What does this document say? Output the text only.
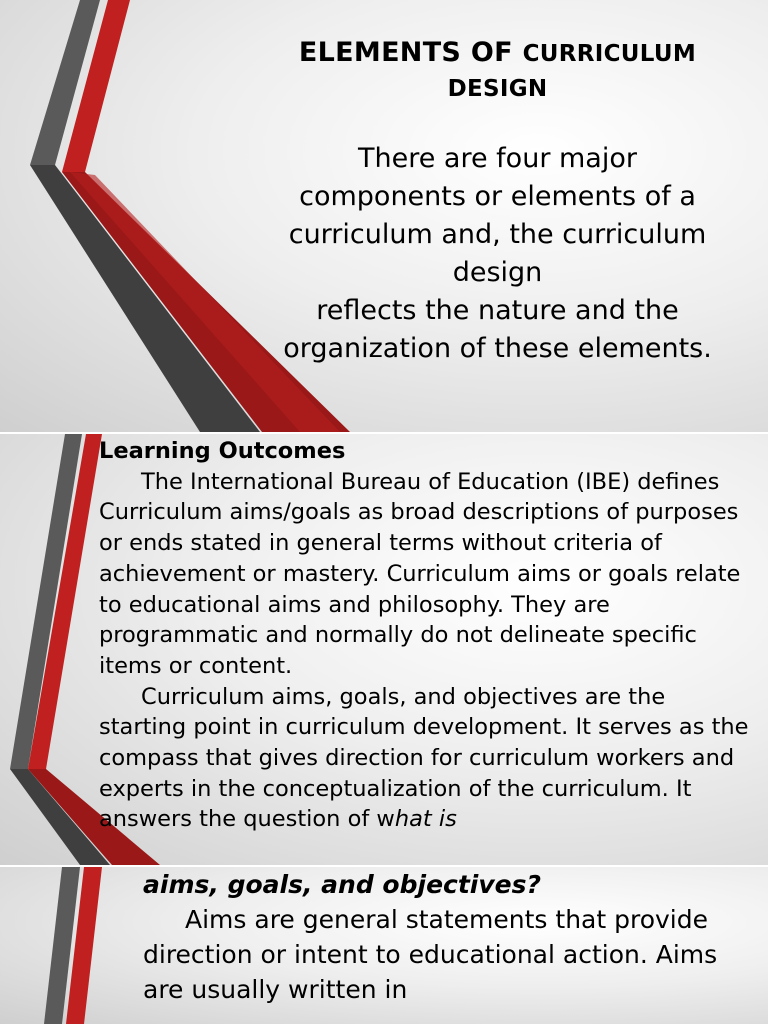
ELEMENTS OF CURRICULUM
DESIGN

There are four major

components or elements of a

curriculum and, the curriculum

design

reflects the nature and the

organization of these elements.

Learning Outcomes

The International Bureau of Education (IBE) defines Curriculum aims/goals as broad descriptions of purposes or ends stated in general terms without criteria of achievement or mastery. Curriculum aims or goals relate to educational aims and philosophy. They are programmatic and normally do not delineate specific items or content.

Curriculum aims, goals, and objectives are the starting point in curriculum development. It serves as the compass that gives direction for curriculum workers and experts in the conceptualization of the curriculum. It answers the question of what is

aims, goals, and objectives?

Aims are general statements that provide direction or intent to educational action. Aims are usually written in
